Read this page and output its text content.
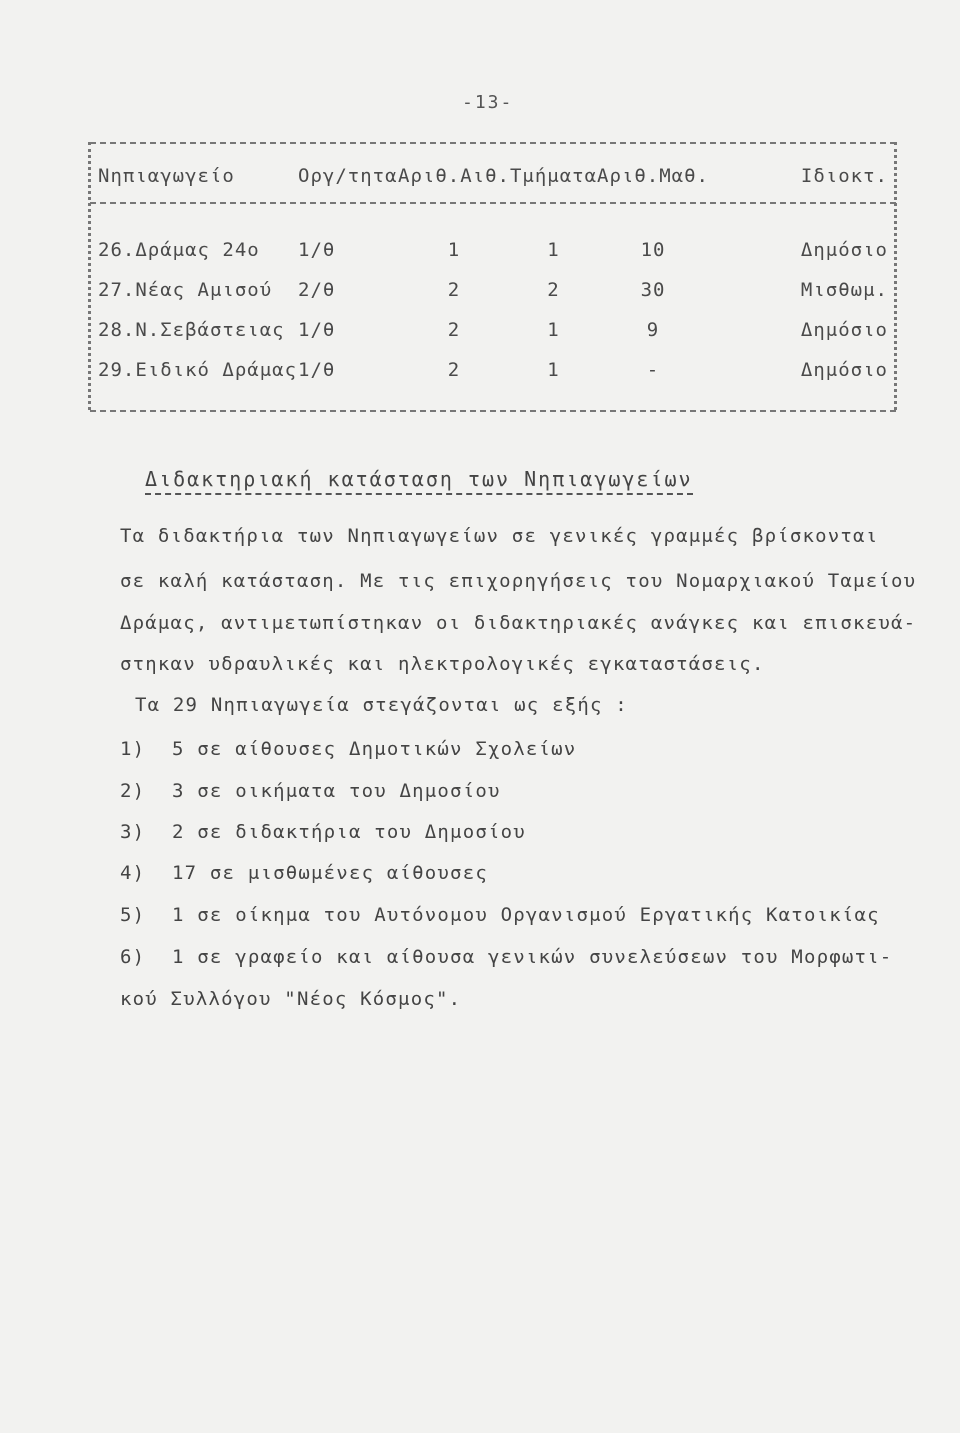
-13-
Νηπιαγωγείο	Οργ/τητα	Αριθ.Αιθ.	Τμήματα	Αριθ.Μαθ.	Ιδιοκτ.

26.Δράμας 24ο	1/θ	1	1	10	Δημόσιο
27.Νέας Αμισού	2/θ	2	2	30	Μισθωμ.
28.Ν.Σεβάστειας	1/θ	2	1	9	Δημόσιο
29.Ειδικό Δράμας	1/θ	2	1	-	Δημόσιο
Διδακτηριακή κατάσταση των Νηπιαγωγείων
Τα διδακτήρια των Νηπιαγωγείων σε γενικές γραμμές βρίσκονται
σε καλή κατάσταση. Με τις επιχορηγήσεις του Νομαρχιακού Ταμείου
Δράμας, αντιμετωπίστηκαν οι διδακτηριακές ανάγκες και επισκευά-
στηκαν υδραυλικές και ηλεκτρολογικές εγκαταστάσεις.
Τα 29 Νηπιαγωγεία στεγάζονται ως εξής :
1) 5 σε αίθουσες Δημοτικών Σχολείων
2) 3 σε οικήματα του Δημοσίου
3) 2 σε διδακτήρια του Δημοσίου
4) 17 σε μισθωμένες αίθουσες
5) 1 σε οίκημα του Αυτόνομου Οργανισμού Εργατικής Κατοικίας
6) 1 σε γραφείο και αίθουσα γενικών συνελεύσεων του Μορφωτι-
κού Συλλόγου "Νέος Κόσμος".
